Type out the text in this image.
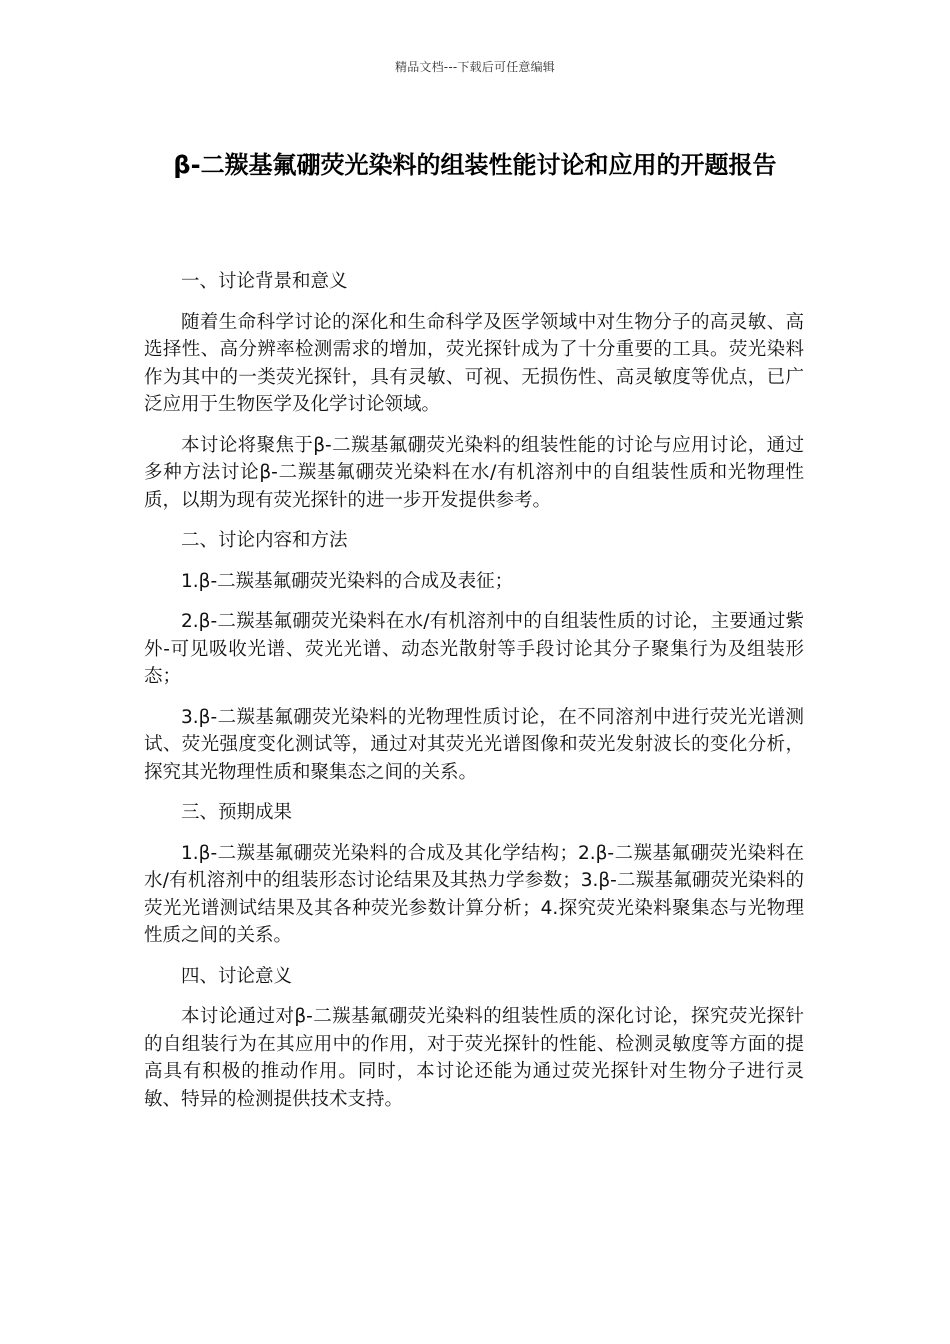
精品文档---下载后可任意编辑
β-二羰基氟硼荧光染料的组装性能讨论和应用的开题报告

一、讨论背景和意义

随着生命科学讨论的深化和生命科学及医学领域中对生物分子的高灵敏、高选择性、高分辨率检测需求的增加，荧光探针成为了十分重要的工具。荧光染料作为其中的一类荧光探针，具有灵敏、可视、无损伤性、高灵敏度等优点，已广泛应用于生物医学及化学讨论领域。

本讨论将聚焦于β-二羰基氟硼荧光染料的组装性能的讨论与应用讨论，通过多种方法讨论β-二羰基氟硼荧光染料在水/有机溶剂中的自组装性质和光物理性质，以期为现有荧光探针的进一步开发提供参考。

二、讨论内容和方法

1.β-二羰基氟硼荧光染料的合成及表征；

2.β-二羰基氟硼荧光染料在水/有机溶剂中的自组装性质的讨论，主要通过紫外-可见吸收光谱、荧光光谱、动态光散射等手段讨论其分子聚集行为及组装形态；

3.β-二羰基氟硼荧光染料的光物理性质讨论，在不同溶剂中进行荧光光谱测试、荧光强度变化测试等，通过对其荧光光谱图像和荧光发射波长的变化分析，探究其光物理性质和聚集态之间的关系。

三、预期成果

1.β-二羰基氟硼荧光染料的合成及其化学结构；2.β-二羰基氟硼荧光染料在水/有机溶剂中的组装形态讨论结果及其热力学参数；3.β-二羰基氟硼荧光染料的荧光光谱测试结果及其各种荧光参数计算分析；4.探究荧光染料聚集态与光物理性质之间的关系。

四、讨论意义

本讨论通过对β-二羰基氟硼荧光染料的组装性质的深化讨论，探究荧光探针的自组装行为在其应用中的作用，对于荧光探针的性能、检测灵敏度等方面的提高具有积极的推动作用。同时，本讨论还能为通过荧光探针对生物分子进行灵敏、特异的检测提供技术支持。
